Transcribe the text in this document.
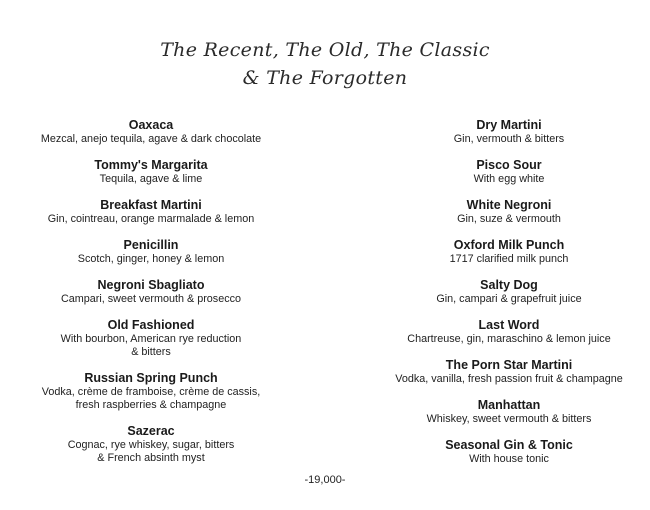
The Recent, The Old, The Classic
& The Forgotten
Oaxaca
Mezcal, anejo tequila, agave & dark chocolate
Tommy's Margarita
Tequila, agave & lime
Breakfast Martini
Gin, cointreau, orange marmalade & lemon
Penicillin
Scotch, ginger, honey & lemon
Negroni Sbagliato
Campari, sweet vermouth & prosecco
Old Fashioned
With bourbon, American rye reduction
& bitters
Russian Spring Punch
Vodka, crème de framboise, crème de cassis,
fresh raspberries & champagne
Sazerac
Cognac, rye whiskey, sugar, bitters
& French absinth myst
Dry Martini
Gin, vermouth & bitters
Pisco Sour
With egg white
White Negroni
Gin, suze & vermouth
Oxford Milk Punch
1717 clarified milk punch
Salty Dog
Gin, campari & grapefruit juice
Last Word
Chartreuse, gin, maraschino & lemon juice
The Porn Star Martini
Vodka, vanilla, fresh passion fruit & champagne
Manhattan
Whiskey, sweet vermouth & bitters
Seasonal Gin & Tonic
With house tonic
-19,000-
